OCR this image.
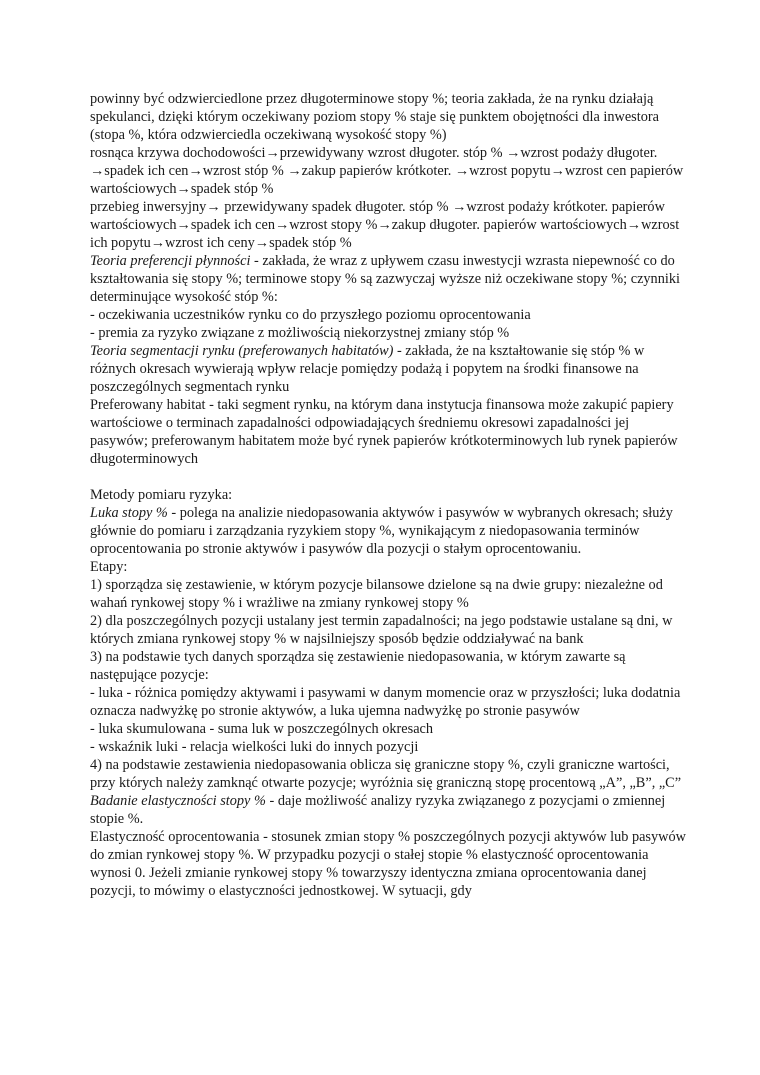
powinny być odzwierciedlone przez długoterminowe stopy %; teoria zakłada, że na rynku działają spekulanci, dzięki którym oczekiwany poziom stopy % staje się punktem obojętności dla inwestora (stopa %, która odzwierciedla oczekiwaną wysokość stopy %)

rosnąca krzywa dochodowości→przewidywany wzrost długoter. stóp % →wzrost podaży długoter. →spadek ich cen→wzrost stóp % →zakup papierów krótkoter. →wzrost popytu→wzrost cen papierów wartościowych→spadek stóp %

przebieg inwersyjny→ przewidywany spadek długoter. stóp % →wzrost podaży krótkoter. papierów wartościowych→spadek ich cen→wzrost stopy %→zakup długoter. papierów wartościowych→wzrost ich popytu→wzrost ich ceny→spadek stóp %

Teoria preferencji płynności - zakłada, że wraz z upływem czasu inwestycji wzrasta niepewność co do kształtowania się stopy %; terminowe stopy % są zazwyczaj wyższe niż oczekiwane stopy %; czynniki determinujące wysokość stóp %:

- oczekiwania uczestników rynku co do przyszłego poziomu oprocentowania

- premia za ryzyko związane z możliwością niekorzystnej zmiany stóp %

Teoria segmentacji rynku (preferowanych habitatów) - zakłada, że na kształtowanie się stóp % w różnych okresach wywierają wpływ relacje pomiędzy podażą i popytem na środki finansowe na poszczególnych segmentach rynku

Preferowany habitat - taki segment rynku, na którym dana instytucja finansowa może zakupić papiery wartościowe o terminach zapadalności odpowiadających średniemu okresowi zapadalności jej pasywów; preferowanym habitatem może być rynek papierów krótkoterminowych lub rynek papierów długoterminowych

Metody pomiaru ryzyka:

Luka stopy % - polega na analizie niedopasowania aktywów i pasywów w wybranych okresach; służy głównie do pomiaru i zarządzania ryzykiem stopy %, wynikającym z niedopasowania terminów oprocentowania po stronie aktywów i pasywów dla pozycji o stałym oprocentowaniu.

Etapy:

1) sporządza się zestawienie, w którym pozycje bilansowe dzielone są na dwie grupy: niezależne od wahań rynkowej stopy % i wrażliwe na zmiany rynkowej stopy %

2) dla poszczególnych pozycji ustalany jest termin zapadalności; na jego podstawie ustalane są dni, w których zmiana rynkowej stopy % w najsilniejszy sposób będzie oddziaływać na bank

3) na podstawie tych danych sporządza się zestawienie niedopasowania, w którym zawarte są następujące pozycje:

- luka - różnica pomiędzy aktywami i pasywami w danym momencie oraz w przyszłości; luka dodatnia oznacza nadwyżkę po stronie aktywów, a luka ujemna nadwyżkę po stronie pasywów

- luka skumulowana - suma luk w poszczególnych okresach

- wskaźnik luki - relacja wielkości luki do innych pozycji

4) na podstawie zestawienia niedopasowania oblicza się graniczne stopy %, czyli graniczne wartości, przy których należy zamknąć otwarte pozycje; wyróżnia się graniczną stopę procentową „A”, „B”, „C”

Badanie elastyczności stopy % - daje możliwość analizy ryzyka związanego z pozycjami o zmiennej stopie %.

Elastyczność oprocentowania - stosunek zmian stopy % poszczególnych pozycji aktywów lub pasywów do zmian rynkowej stopy %. W przypadku pozycji o stałej stopie % elastyczność oprocentowania wynosi 0. Jeżeli zmianie rynkowej stopy % towarzyszy identyczna zmiana oprocentowania danej pozycji, to mówimy o elastyczności jednostkowej. W sytuacji, gdy
